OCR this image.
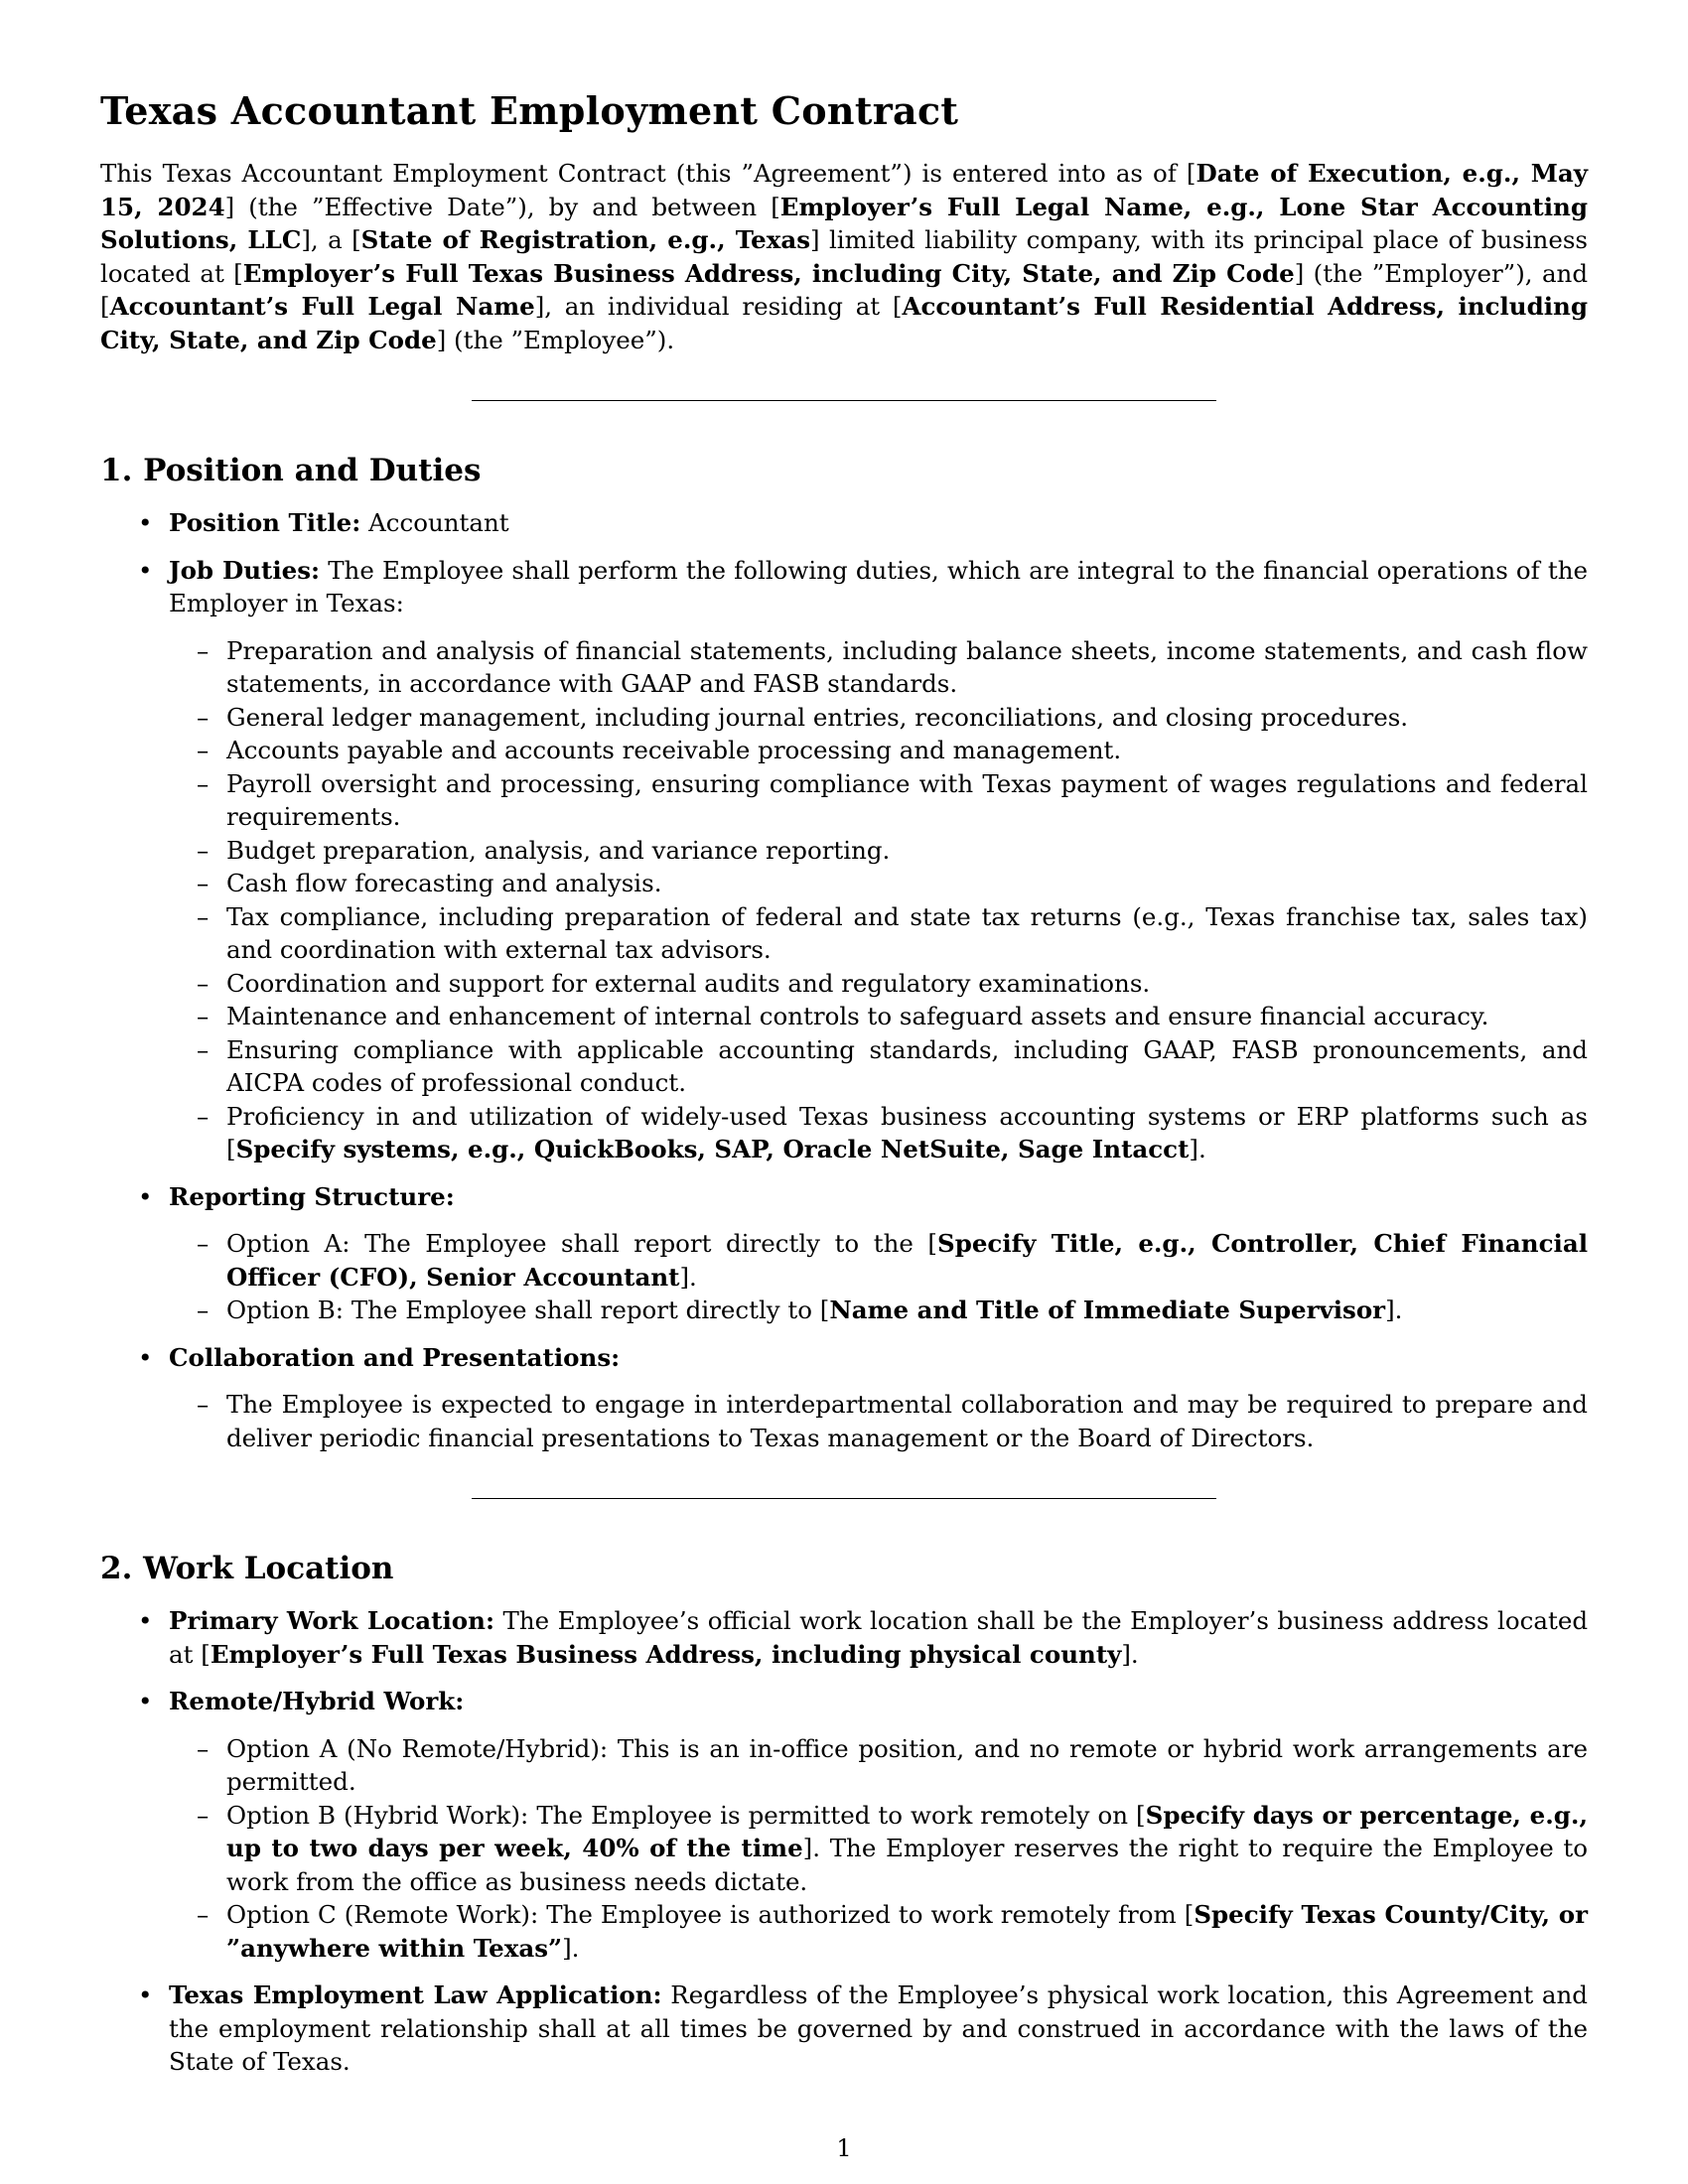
Texas Accountant Employment Contract

This Texas Accountant Employment Contract (this ”Agreement”) is entered into as of [Date of Execution, e.g., May 15, 2024] (the ”Effective Date”), by and between [Employer’s Full Legal Name, e.g., Lone Star Accounting Solutions, LLC], a [State of Registration, e.g., Texas] limited liability company, with its principal place of business located at [Employer’s Full Texas Business Address, including City, State, and Zip Code] (the ”Employer”), and [Accountant’s Full Legal Name], an individual residing at [Accountant’s Full Residential Address, including City, State, and Zip Code] (the ”Employee”).

1. Position and Duties
• Position Title: Accountant
• Job Duties: The Employee shall perform the following duties, which are integral to the financial operations of the Employer in Texas:
– Preparation and analysis of financial statements, including balance sheets, income statements, and cash flow statements, in accordance with GAAP and FASB standards.
– General ledger management, including journal entries, reconciliations, and closing procedures.
– Accounts payable and accounts receivable processing and management.
– Payroll oversight and processing, ensuring compliance with Texas payment of wages regulations and federal requirements.
– Budget preparation, analysis, and variance reporting.
– Cash flow forecasting and analysis.
– Tax compliance, including preparation of federal and state tax returns (e.g., Texas franchise tax, sales tax) and coordination with external tax advisors.
– Coordination and support for external audits and regulatory examinations.
– Maintenance and enhancement of internal controls to safeguard assets and ensure financial accuracy.
– Ensuring compliance with applicable accounting standards, including GAAP, FASB pronouncements, and AICPA codes of professional conduct.
– Proficiency in and utilization of widely-used Texas business accounting systems or ERP platforms such as [Specify systems, e.g., QuickBooks, SAP, Oracle NetSuite, Sage Intacct].
• Reporting Structure:
– Option A: The Employee shall report directly to the [Specify Title, e.g., Controller, Chief Financial Officer (CFO), Senior Accountant].
– Option B: The Employee shall report directly to [Name and Title of Immediate Supervisor].
• Collaboration and Presentations:
– The Employee is expected to engage in interdepartmental collaboration and may be required to prepare and deliver periodic financial presentations to Texas management or the Board of Directors.
2. Work Location
• Primary Work Location: The Employee’s official work location shall be the Employer’s business address located at [Employer’s Full Texas Business Address, including physical county].
• Remote/Hybrid Work:
– Option A (No Remote/Hybrid): This is an in-office position, and no remote or hybrid work arrangements are permitted.
– Option B (Hybrid Work): The Employee is permitted to work remotely on [Specify days or percentage, e.g., up to two days per week, 40% of the time]. The Employer reserves the right to require the Employee to work from the office as business needs dictate.
– Option C (Remote Work): The Employee is authorized to work remotely from [Specify Texas County/City, or ”anywhere within Texas”].
• Texas Employment Law Application: Regardless of the Employee’s physical work location, this Agreement and the employment relationship shall at all times be governed by and construed in accordance with the laws of the State of Texas.
1
